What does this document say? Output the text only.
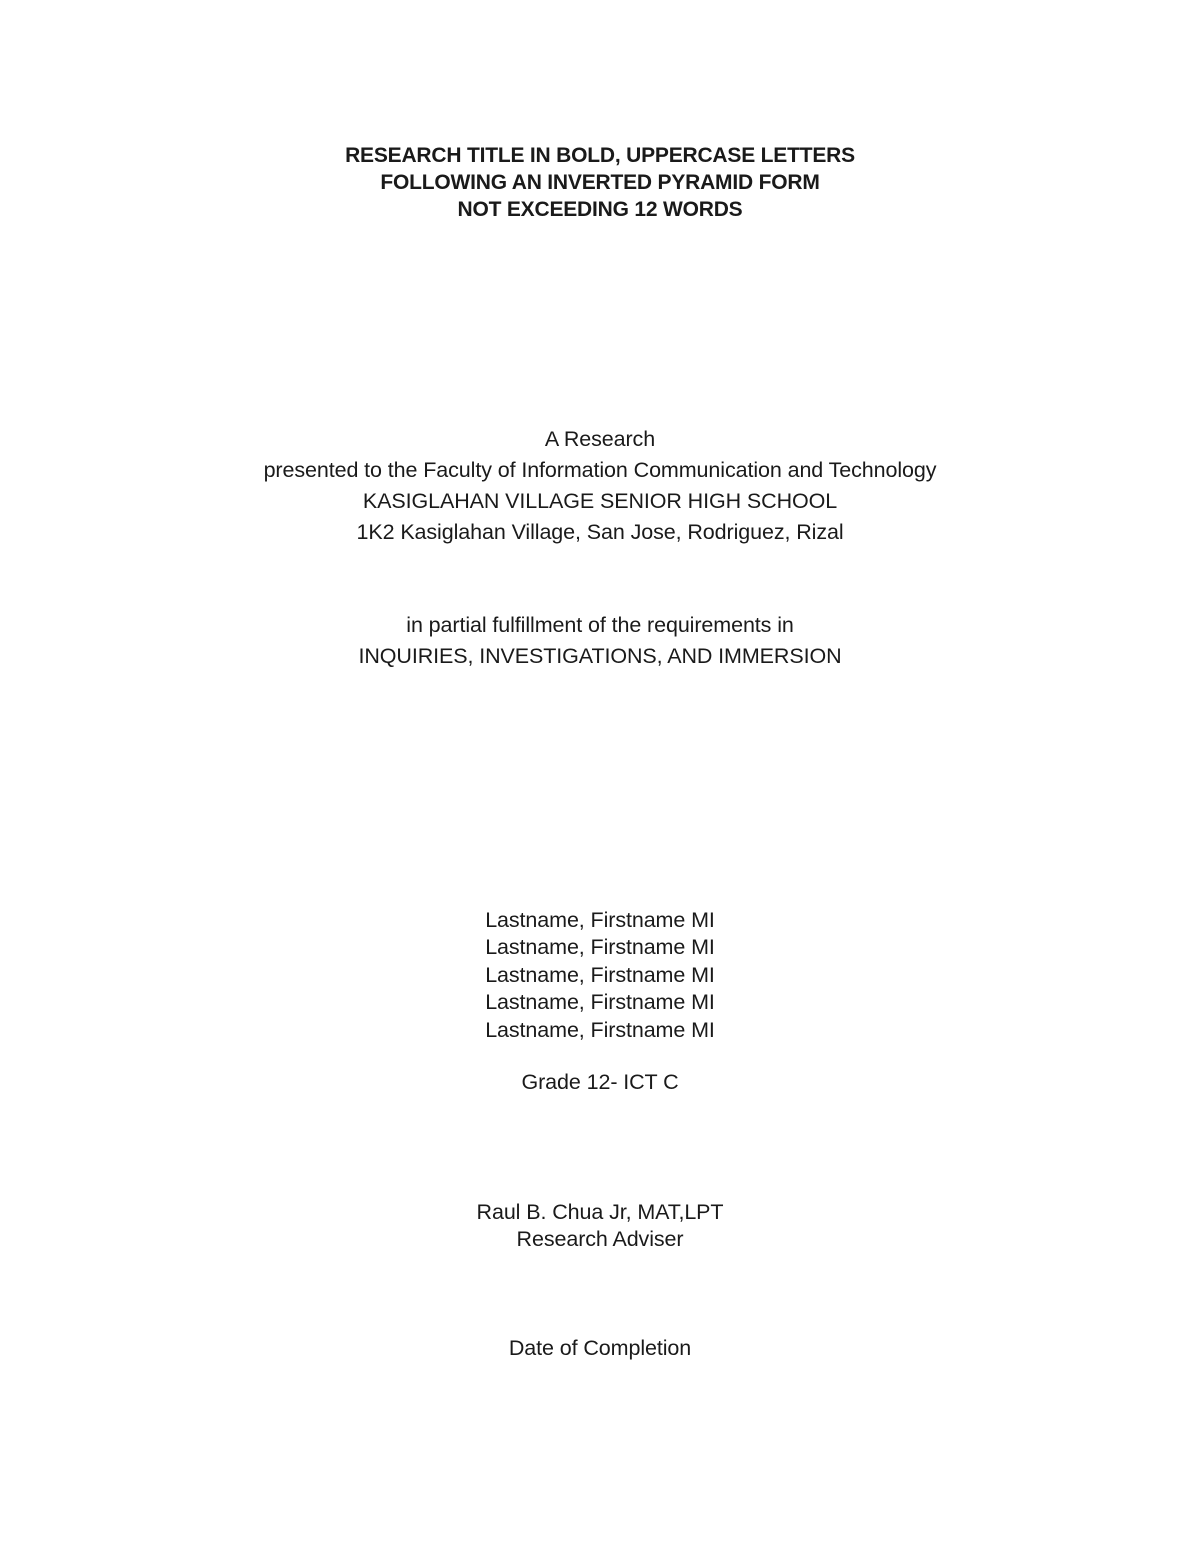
RESEARCH TITLE IN BOLD, UPPERCASE LETTERS
FOLLOWING AN INVERTED PYRAMID FORM
NOT EXCEEDING 12 WORDS
A Research
presented to the Faculty of Information Communication and Technology
KASIGLAHAN VILLAGE SENIOR HIGH SCHOOL
1K2 Kasiglahan Village, San Jose, Rodriguez, Rizal
in partial fulfillment of the requirements in
INQUIRIES, INVESTIGATIONS, AND IMMERSION
Lastname, Firstname MI
Lastname, Firstname MI
Lastname, Firstname MI
Lastname, Firstname MI
Lastname, Firstname MI
Grade 12- ICT C
Raul B. Chua Jr, MAT,LPT
Research Adviser
Date of Completion
